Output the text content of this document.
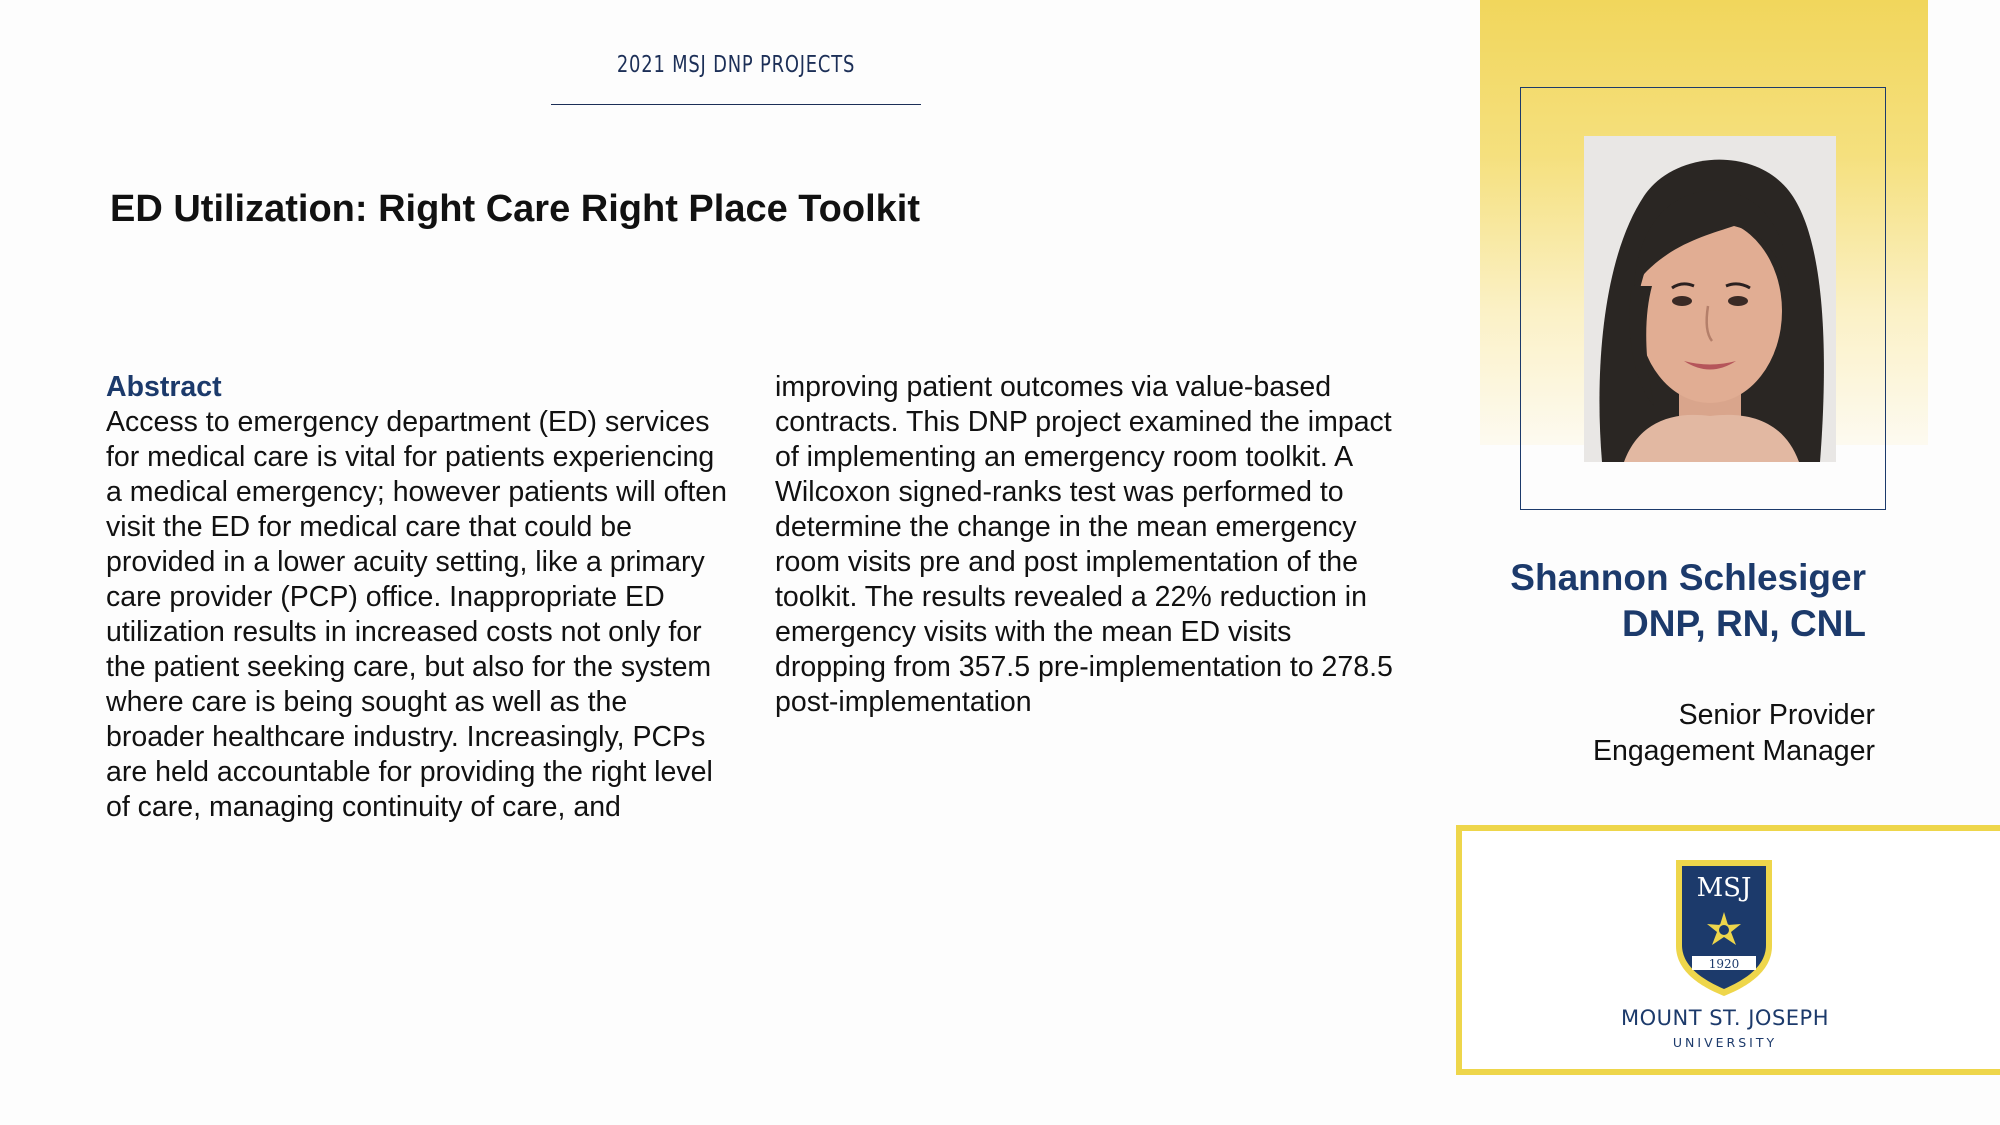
2021 MSJ DNP PROJECTS
ED Utilization: Right Care Right Place Toolkit
Abstract
Access to emergency department (ED) services for medical care is vital for patients experiencing a medical emergency; however patients will often visit the ED for medical care that could be provided in a lower acuity setting, like a primary care provider (PCP) office. Inappropriate ED utilization results in increased costs not only for the patient seeking care, but also for the system where care is being sought as well as the broader healthcare industry. Increasingly, PCPs are held accountable for providing the right level of care, managing continuity of care, and improving patient outcomes via value-based contracts. This DNP project examined the impact of implementing an emergency room toolkit. A Wilcoxon signed-ranks test was performed to determine the change in the mean emergency room visits pre and post implementation of the toolkit. The results revealed a 22% reduction in emergency visits with the mean ED visits dropping from 357.5 pre-implementation to 278.5 post-implementation
Shannon Schlesiger
DNP, RN, CNL
Senior Provider
Engagement Manager
MSJ
1920
MOUNT ST. JOSEPH
UNIVERSITY
